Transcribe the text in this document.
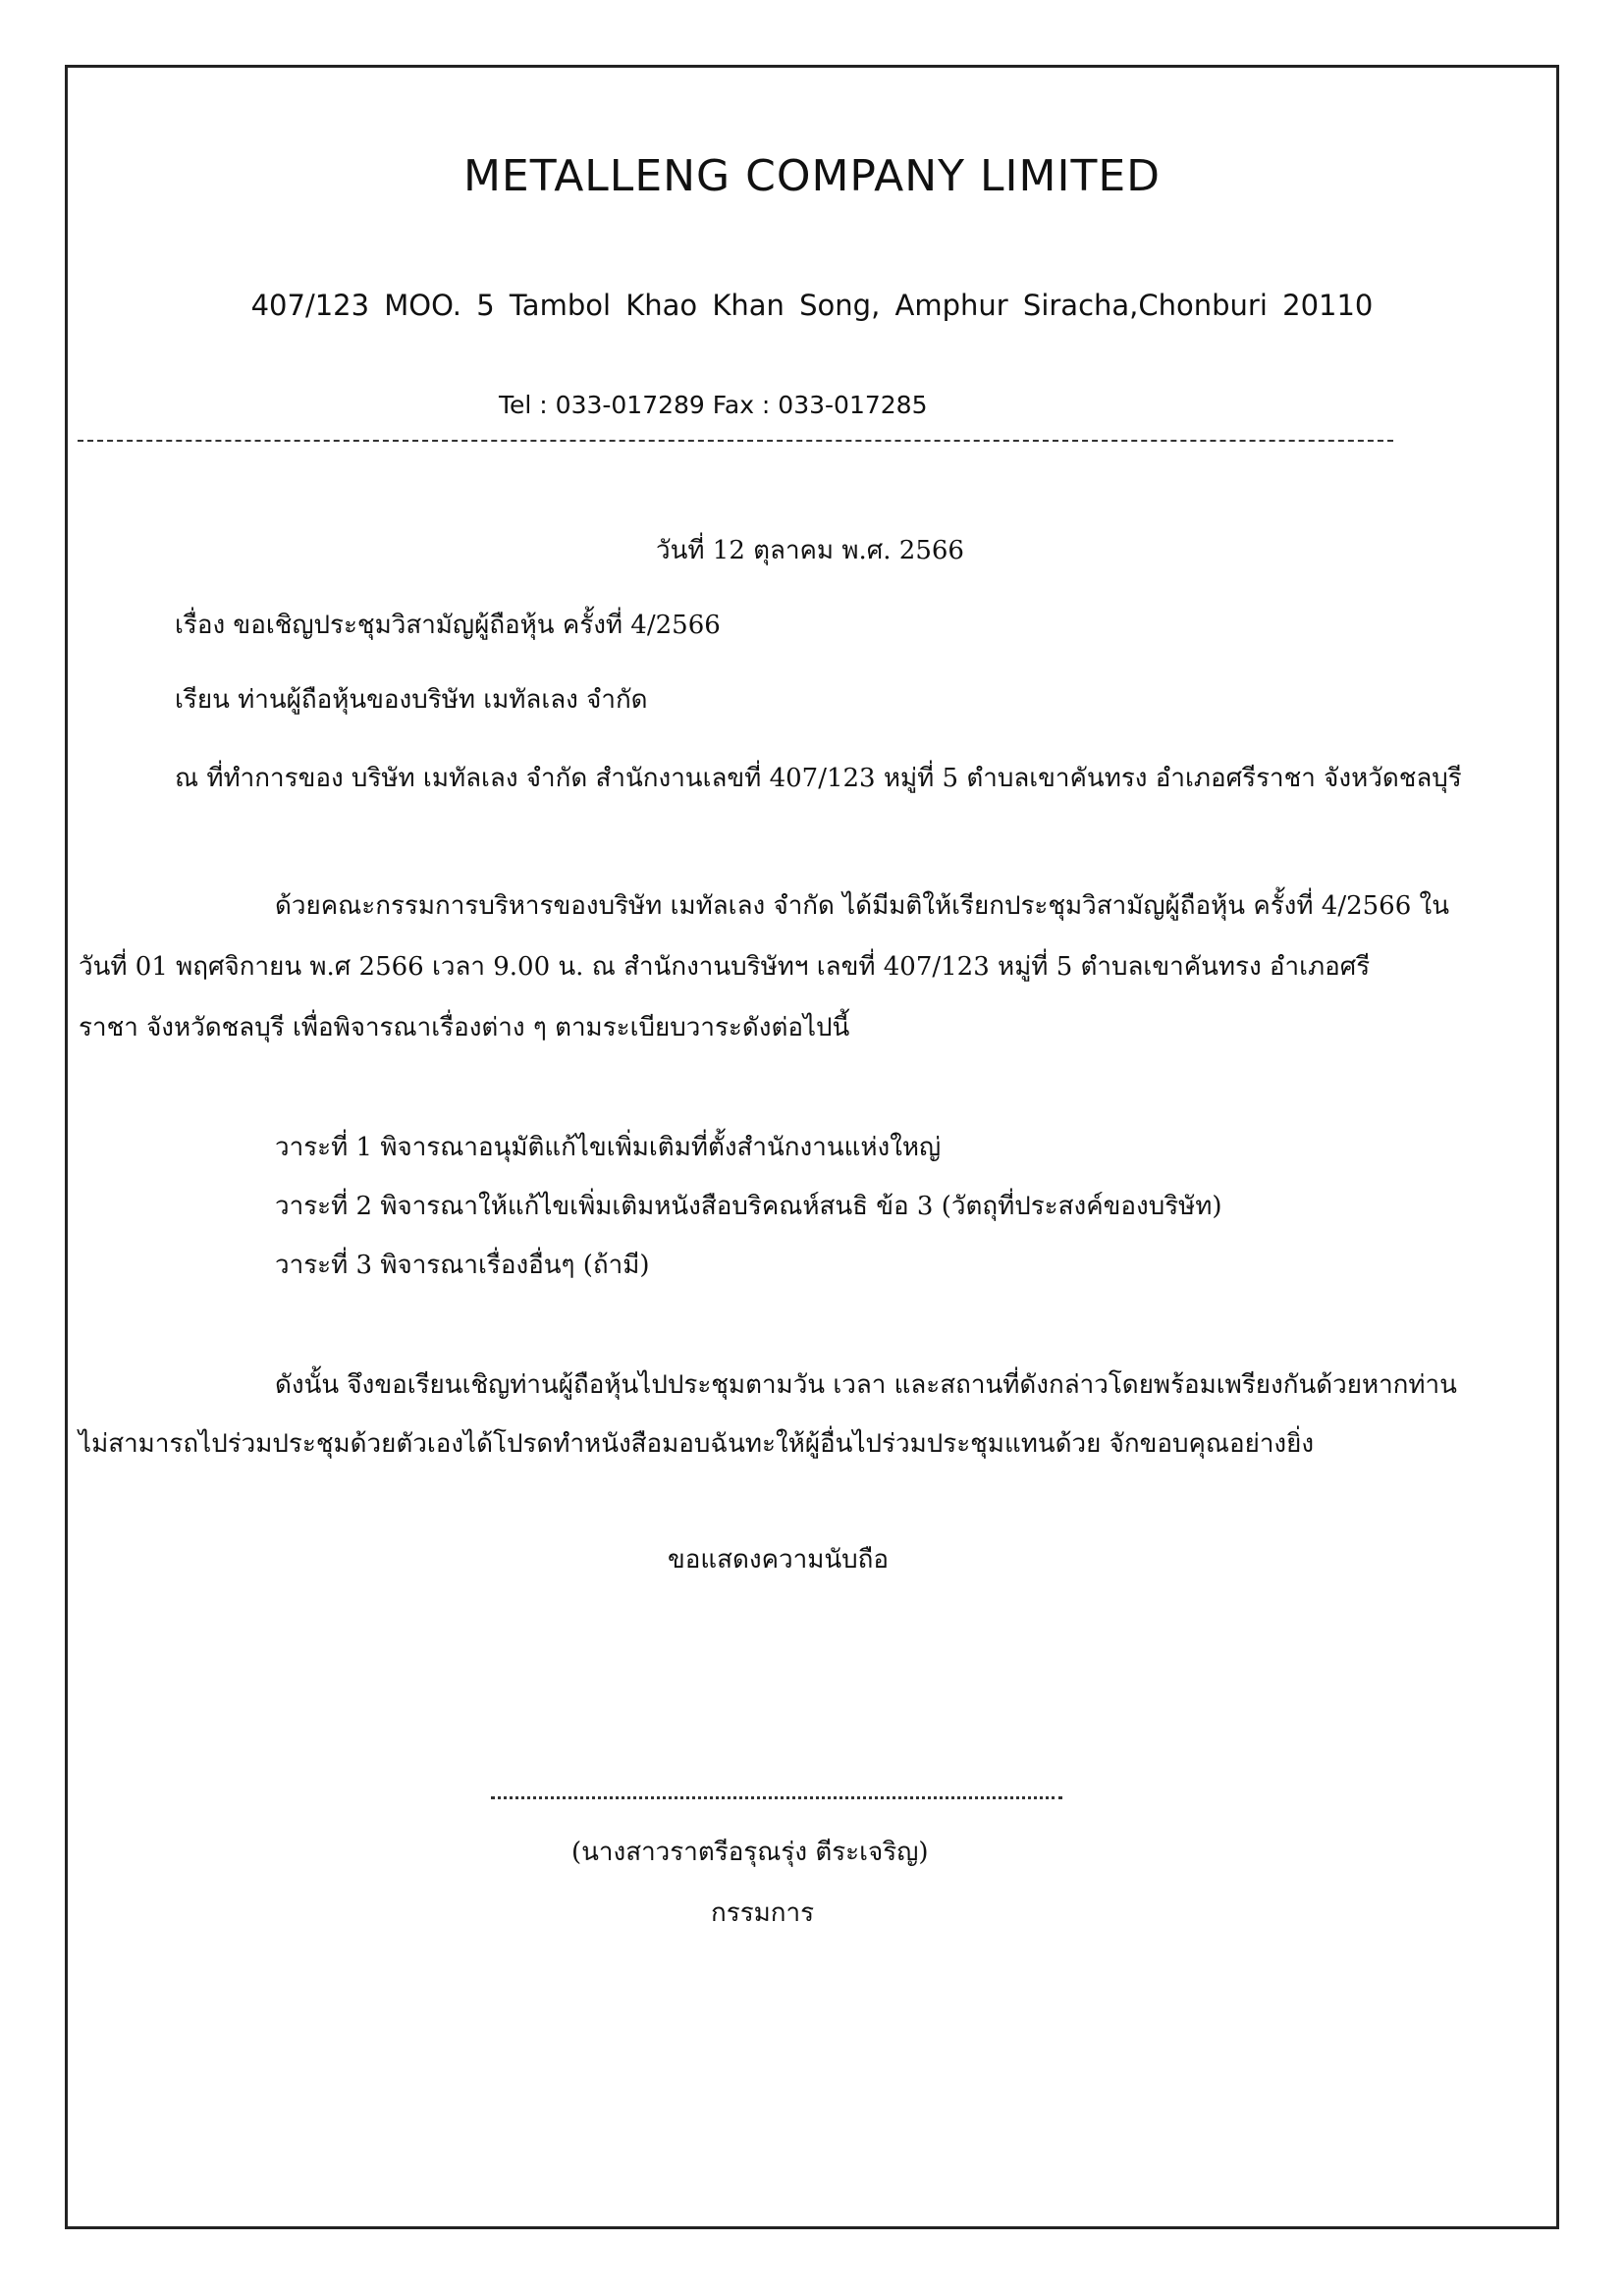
METALLENG COMPANY LIMITED
407/123 MOO. 5 Tambol Khao Khan Song, Amphur Siracha,Chonburi 20110
Tel : 033-017289 Fax : 033-017285
วันที่ 12 ตุลาคม พ.ศ. 2566
เรื่อง ขอเชิญประชุมวิสามัญผู้ถือหุ้น ครั้งที่ 4/2566
เรียน ท่านผู้ถือหุ้นของบริษัท เมทัลเลง จำกัด
ณ ที่ทำการของ บริษัท เมทัลเลง จำกัด สำนักงานเลขที่ 407/123 หมู่ที่ 5 ตำบลเขาคันทรง อำเภอศรีราชา จังหวัดชลบุรี
ด้วยคณะกรรมการบริหารของบริษัท เมทัลเลง จำกัด ได้มีมติให้เรียกประชุมวิสามัญผู้ถือหุ้น ครั้งที่ 4/2566 ใน
วันที่ 01 พฤศจิกายน พ.ศ 2566 เวลา 9.00 น. ณ สำนักงานบริษัทฯ เลขที่ 407/123 หมู่ที่ 5 ตำบลเขาคันทรง อำเภอศรี
ราชา จังหวัดชลบุรี เพื่อพิจารณาเรื่องต่าง ๆ ตามระเบียบวาระดังต่อไปนี้
วาระที่ 1 พิจารณาอนุมัติแก้ไขเพิ่มเติมที่ตั้งสำนักงานแห่งใหญ่
วาระที่ 2 พิจารณาให้แก้ไขเพิ่มเติมหนังสือบริคณห์สนธิ ข้อ 3 (วัตถุที่ประสงค์ของบริษัท)
วาระที่ 3 พิจารณาเรื่องอื่นๆ (ถ้ามี)
ดังนั้น จึงขอเรียนเชิญท่านผู้ถือหุ้นไปประชุมตามวัน เวลา และสถานที่ดังกล่าวโดยพร้อมเพรียงกันด้วยหากท่าน
ไม่สามารถไปร่วมประชุมด้วยตัวเองได้โปรดทำหนังสือมอบฉันทะให้ผู้อื่นไปร่วมประชุมแทนด้วย จักขอบคุณอย่างยิ่ง
ขอแสดงความนับถือ
(นางสาวราตรีอรุณรุ่ง ตีระเจริญ)
กรรมการ
